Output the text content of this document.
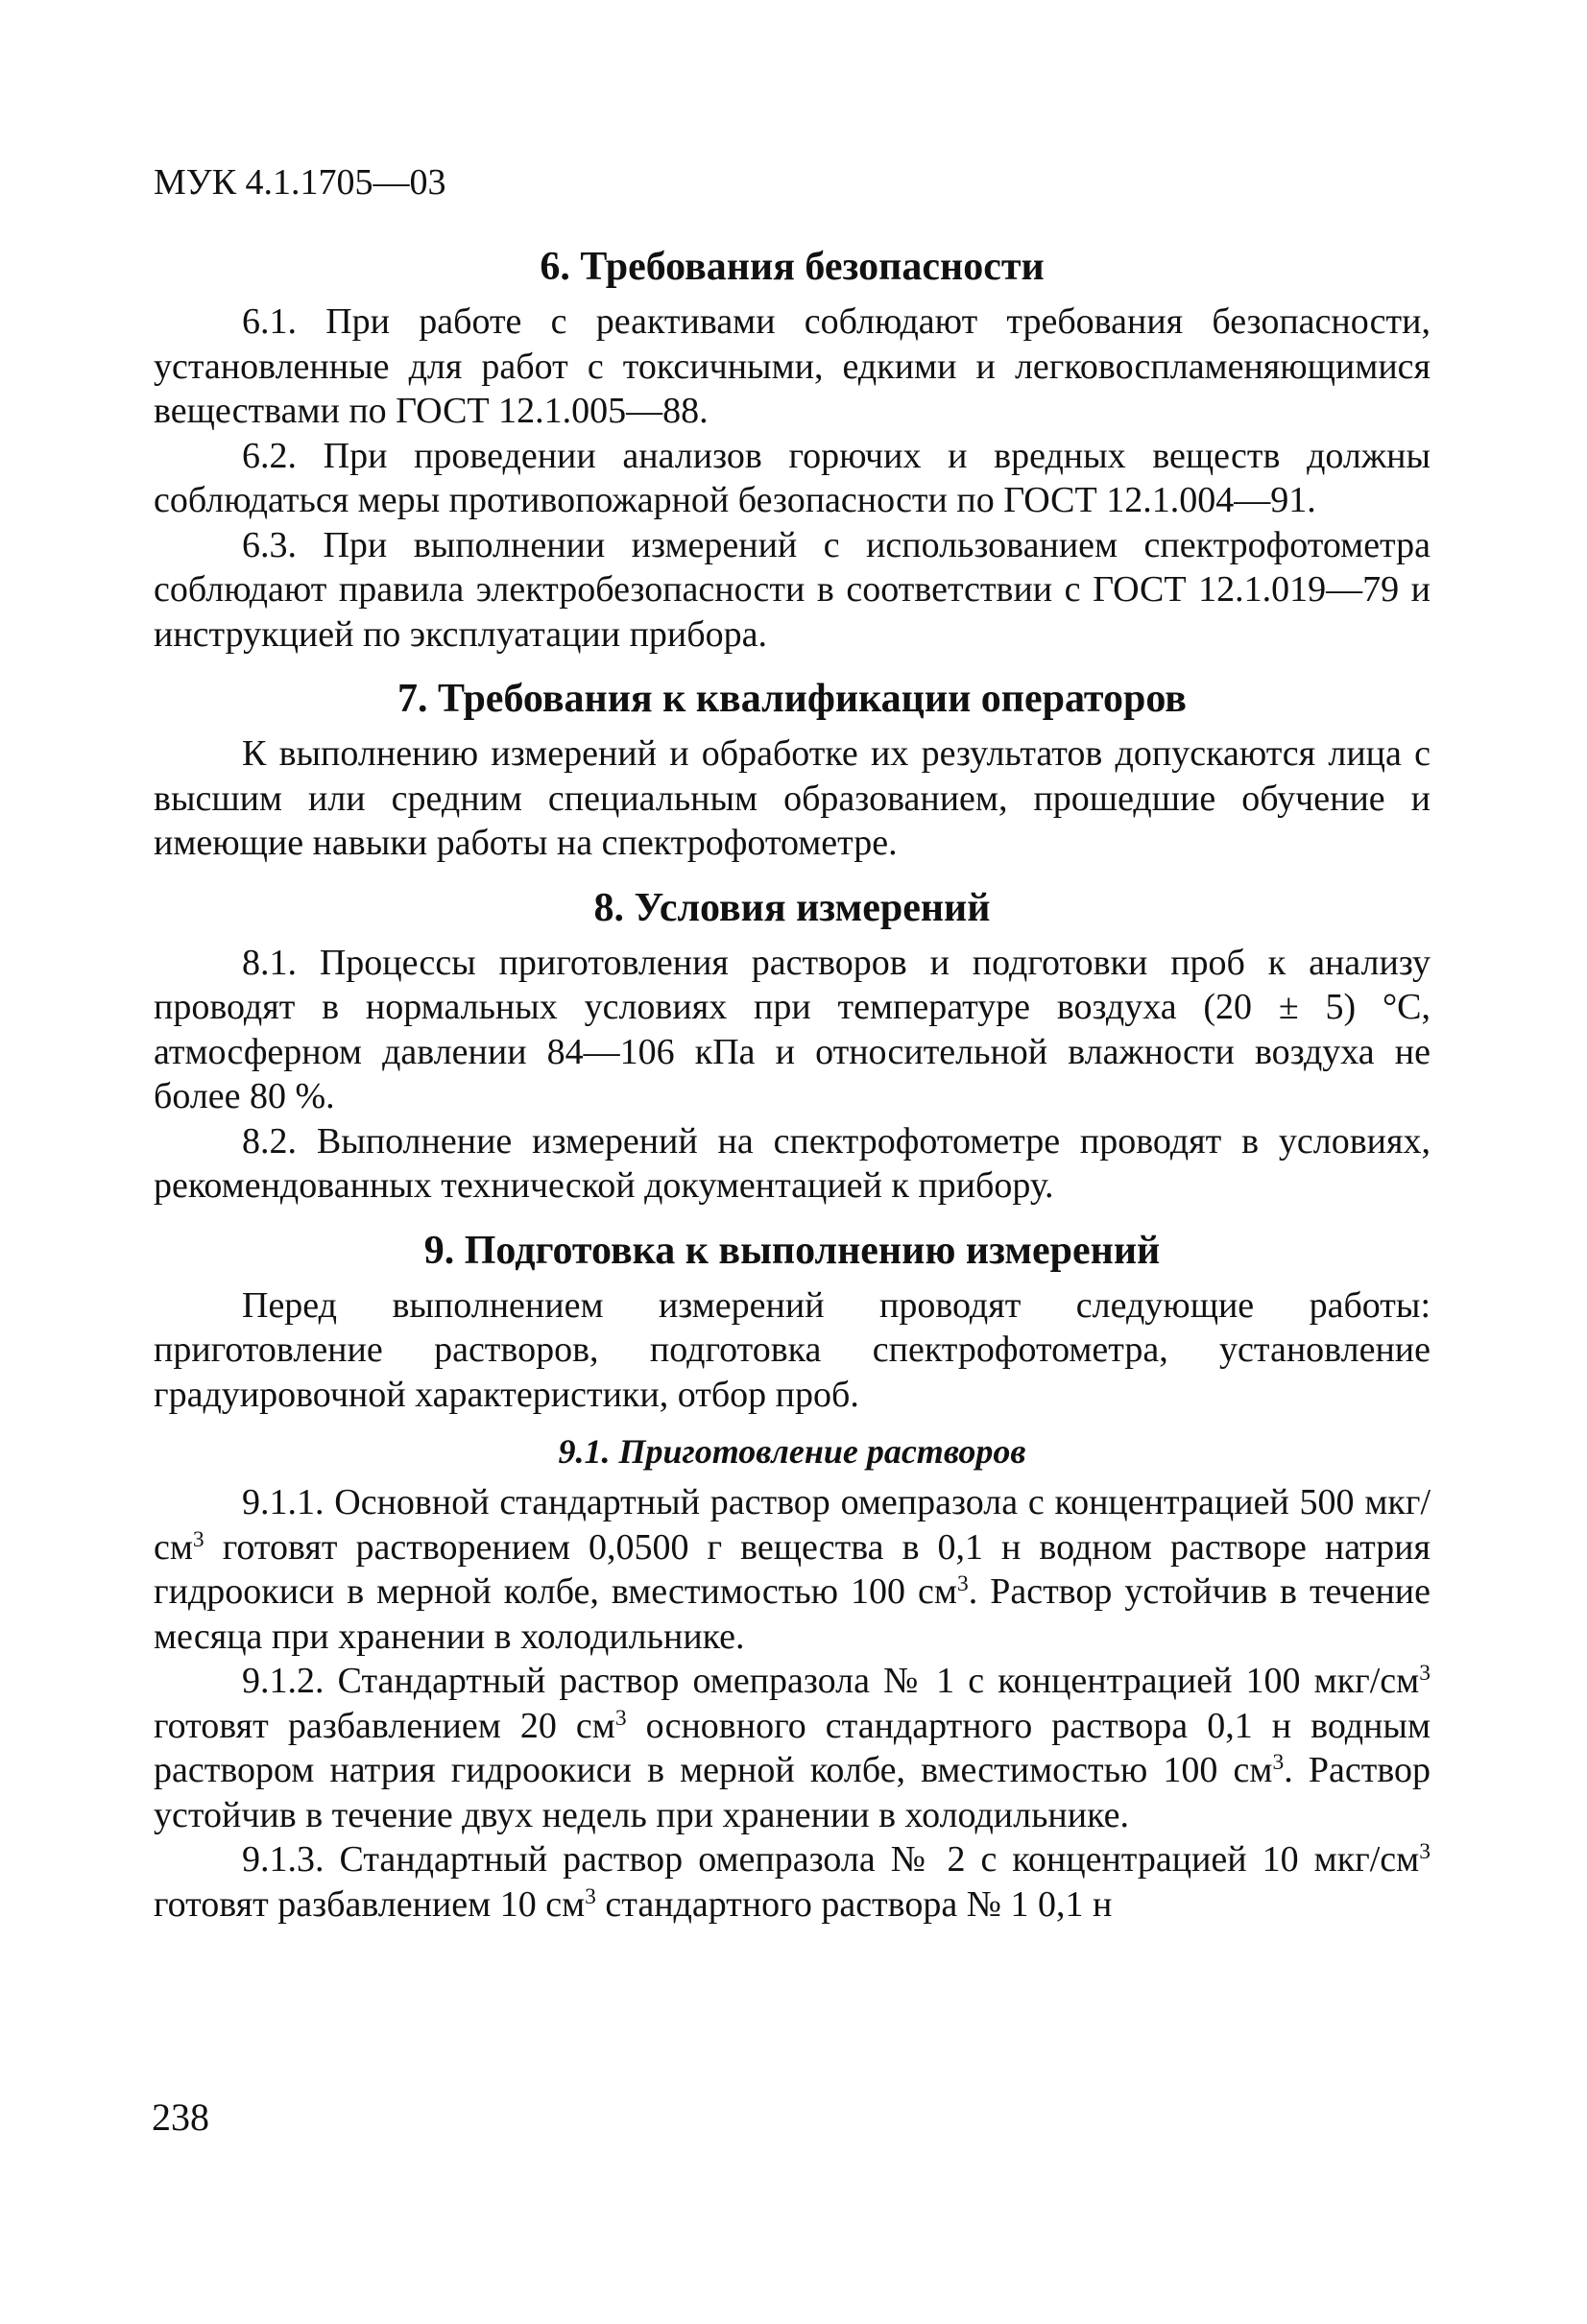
МУК 4.1.1705—03
6. Требования безопасности

6.1. При работе с реактивами соблюдают требования безопасности, установленные для работ с токсичными, едкими и легковоспламеняющимися веществами по ГОСТ 12.1.005—88.

6.2. При проведении анализов горючих и вредных веществ должны соблюдаться меры противопожарной безопасности по ГОСТ 12.1.004—91.

6.3. При выполнении измерений с использованием спектрофотометра соблюдают правила электробезопасности в соответствии с ГОСТ 12.1.019—79 и инструкцией по эксплуатации прибора.

7. Требования к квалификации операторов

К выполнению измерений и обработке их результатов допускаются лица с высшим или средним специальным образованием, прошедшие обучение и имеющие навыки работы на спектрофотометре.

8. Условия измерений

8.1. Процессы приготовления растворов и подготовки проб к анализу проводят в нормальных условиях при температуре воздуха (20 ± 5) °С, атмосферном давлении 84—106 кПа и относительной влажности воздуха не более 80 %.

8.2. Выполнение измерений на спектрофотометре проводят в условиях, рекомендованных технической документацией к прибору.

9. Подготовка к выполнению измерений

Перед выполнением измерений проводят следующие работы: приготовление растворов, подготовка спектрофотометра, установление градуировочной характеристики, отбор проб.

9.1. Приготовление растворов

9.1.1. Основной стандартный раствор омепразола с концентрацией 500 мкг/$см^3$ готовят растворением 0,0500 г вещества в 0,1 н водном растворе натрия гидроокиси в мерной колбе, вместимостью 100 $см^3$. Раствор устойчив в течение месяца при хранении в холодильнике.

9.1.2. Стандартный раствор омепразола № 1 с концентрацией 100 мкг/$см^3$ готовят разбавлением 20 $см^3$ основного стандартного раствора 0,1 н водным раствором натрия гидроокиси в мерной колбе, вместимостью 100 $см^3$. Раствор устойчив в течение двух недель при хранении в холодильнике.

9.1.3. Стандартный раствор омепразола № 2 с концентрацией 10 мкг/$см^3$ готовят разбавлением 10 $см^3$ стандартного раствора № 1 0,1 н

238
